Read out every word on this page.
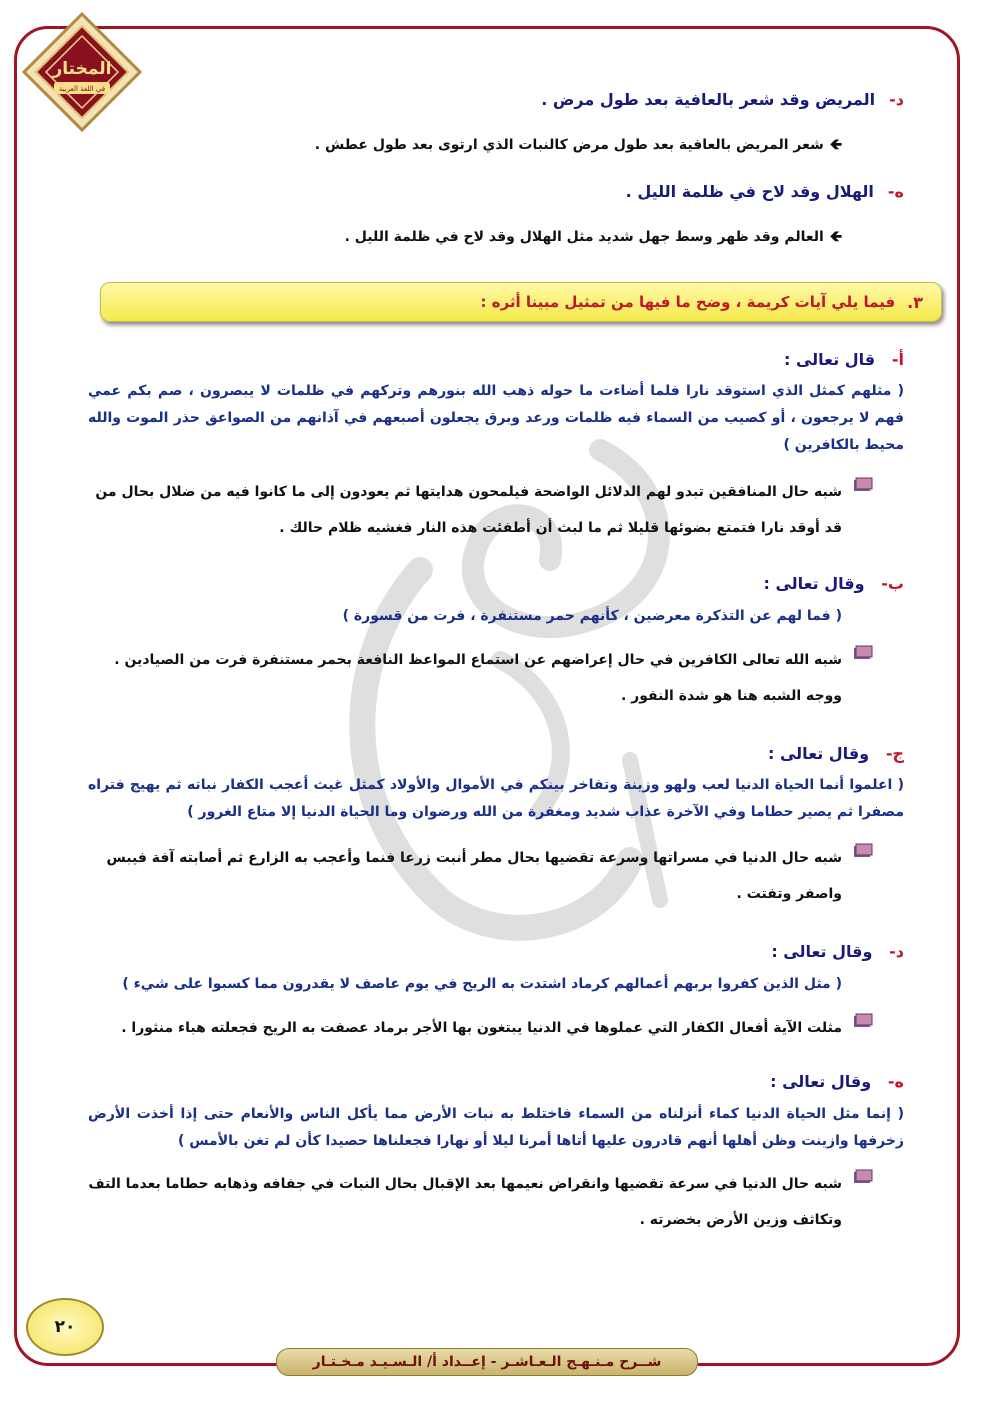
المختار
في اللغة العربية
د-المريض وقد شعر بالعافية بعد طول مرض .
🡸شعر المريض بالعافية بعد طول مرض كالنبات الذي ارتوى بعد طول عطش .
ه-الهلال وقد لاح في ظلمة الليل .
🡸العالم وقد ظهر وسط جهل شديد مثل الهلال وقد لاح في ظلمة الليل .
٣.
فيما يلي آيات كريمة ، وضح ما فيها من تمثيل مبينا أثره :
أ-   قال تعالى :
( مثلهم كمثل الذي استوقد نارا فلما أضاءت ما حوله ذهب الله بنورهم وتركهم في ظلمات لا يبصرون ، صم بكم عمي فهم لا يرجعون ، أو كصيب من السماء فيه ظلمات ورعد وبرق يجعلون أصبعهم في آذانهم من الصواعق حذر الموت والله محيط بالكافرين )
شبه حال المنافقين تبدو لهم الدلائل الواضحة فيلمحون هدايتها ثم يعودون إلى ما كانوا فيه من ضلال بحال من قد أوقد نارا فتمتع بضوئها قليلا ثم ما لبث أن أطفئت هذه النار فغشيه ظلام حالك .
ب-   وقال تعالى :
( فما لهم عن التذكرة معرضين ، كأنهم حمر مستنفرة ، فرت من قسورة )
شبه الله تعالى الكافرين في حال إعراضهم عن استماع المواعظ النافعة بحمر مستنفرة فرت من الصيادين . ووجه الشبه هنا هو شدة النفور .
ج-   وقال تعالى :
( اعلموا أنما الحياة الدنيا لعب ولهو وزينة وتفاخر بينكم في الأموال والأولاد كمثل غيث أعجب الكفار نباته ثم يهيج فتراه مصفرا ثم يصير حطاما وفي الآخرة عذاب شديد ومغفرة من الله ورضوان وما الحياة الدنيا إلا متاع الغرور )
شبه حال الدنيا في مسراتها وسرعة تقضيها بحال مطر أنبت زرعا فنما وأعجب به الزارع ثم أصابته آفة فيبس واصفر وتفتت .
د-   وقال تعالى :
( مثل الذين كفروا بربهم أعمالهم كرماد اشتدت به الريح في يوم عاصف لا يقدرون مما كسبوا على شيء )
مثلت الآية أفعال الكفار التي عملوها في الدنيا يبتغون بها الأجر برماد عصفت به الريح فجعلته هباء منثورا .
ه-   وقال تعالى :
( إنما مثل الحياة الدنيا كماء أنزلناه من السماء فاختلط به نبات الأرض مما يأكل الناس والأنعام حتى إذا أخذت الأرض زخرفها وازينت وظن أهلها أنهم قادرون عليها أتاها أمرنا ليلا أو نهارا فجعلناها حصيدا كأن لم تغن بالأمس )
شبه حال الدنيا في سرعة تقضيها وانقراض نعيمها بعد الإقبال بحال النبات في جفافه وذهابه حطاما بعدما التف وتكاثف وزين الأرض بخضرته .
٢٠
شــرح مـنـهـج الـعـاشـر - إعــداد أ/ الـسـيـد مـخـتـار
